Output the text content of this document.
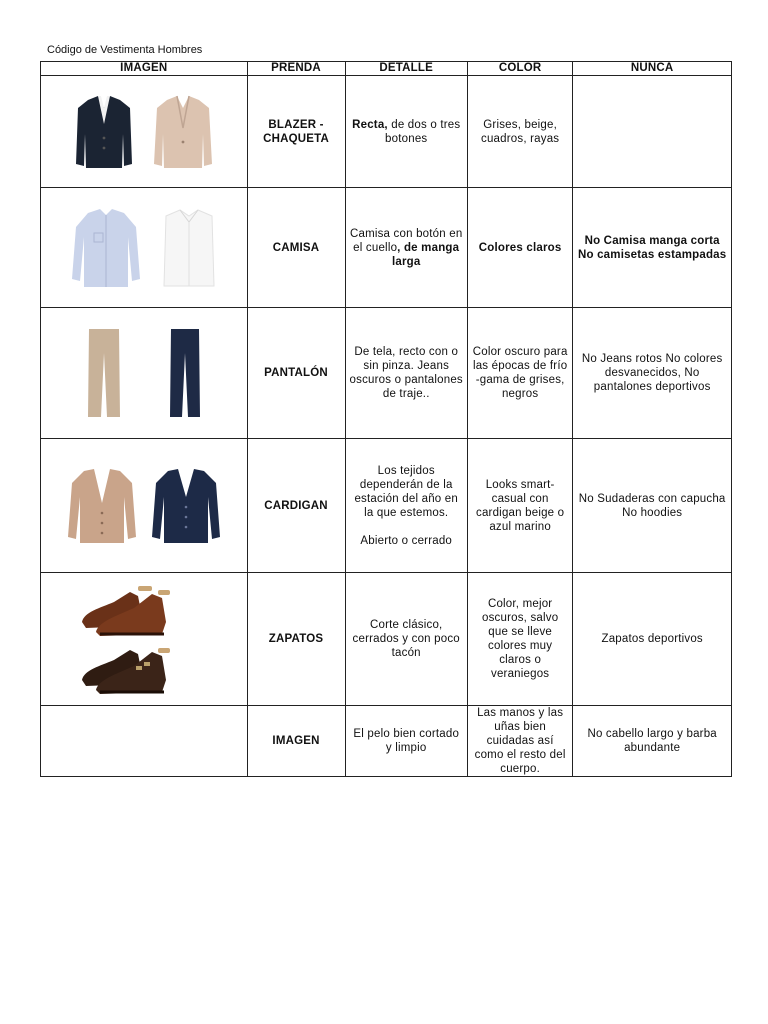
Código de Vestimenta Hombres
IMAGEN	PRENDA	DETALLE	COLOR	NUNCA

	BLAZER - CHAQUETA	Recta, de dos o tres botones	Grises, beige, cuadros, rayas	

	CAMISA	Camisa con botón en el cuello, de manga larga	Colores claros	No Camisa manga corta No camisetas estampadas

	PANTALÓN	De tela, recto con o sin pinza. Jeans oscuros o pantalones de traje..	Color oscuro para las épocas de frío -gama de grises, negros	No Jeans rotos No colores desvanecidos, No pantalones deportivos

	CARDIGAN	Los tejidos dependerán de la estación del año en la que estemos.
Abierto o cerrado	Looks smart-casual con cardigan beige o azul marino	No Sudaderas con capucha No hoodies

	ZAPATOS	Corte clásico, cerrados y con poco tacón	Color, mejor oscuros, salvo que se lleve colores muy claros o veraniegos	Zapatos deportivos
	IMAGEN	El pelo bien cortado y limpio	Las manos y las uñas bien cuidadas así como el resto del cuerpo.	No cabello largo y barba abundante
